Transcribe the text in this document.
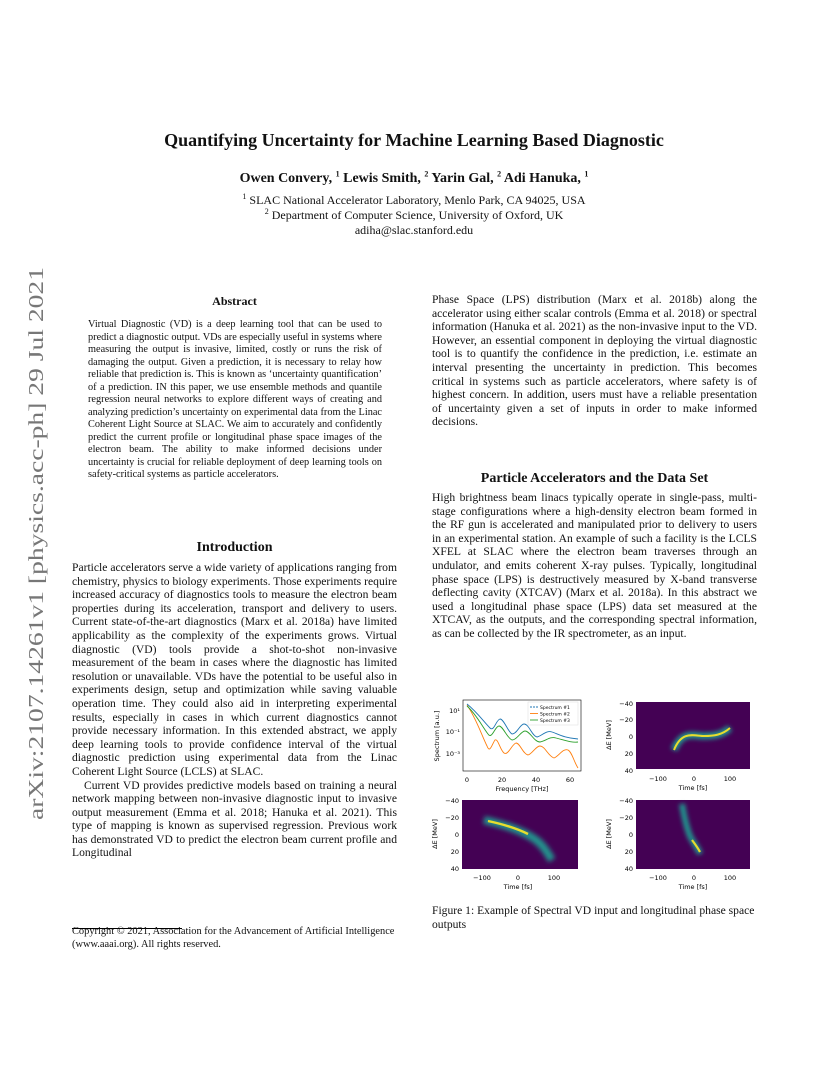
arXiv:2107.14261v1 [physics.acc-ph] 29 Jul 2021
Quantifying Uncertainty for Machine Learning Based Diagnostic
Owen Convery, $^1$ Lewis Smith, $^2$ Yarin Gal, $^2$ Adi Hanuka, $^1$
$^1$ SLAC National Accelerator Laboratory, Menlo Park, CA 94025, USA
$^2$ Department of Computer Science, University of Oxford, UK
adiha@slac.stanford.edu
Abstract
Virtual Diagnostic (VD) is a deep learning tool that can be used to predict a diagnostic output. VDs are especially useful in systems where measuring the output is invasive, limited, costly or runs the risk of damaging the output. Given a prediction, it is necessary to relay how reliable that prediction is. This is known as ‘uncertainty quantification’ of a prediction. IN this paper, we use ensemble methods and quantile regression neural networks to explore different ways of creating and analyzing prediction’s uncertainty on experimental data from the Linac Coherent Light Source at SLAC. We aim to accurately and confidently predict the current profile or longitudinal phase space images of the electron beam. The ability to make informed decisions under uncertainty is crucial for reliable deployment of deep learning tools on safety-critical systems as particle accelerators.
Introduction

Particle accelerators serve a wide variety of applications ranging from chemistry, physics to biology experiments. Those experiments require increased accuracy of diagnostics tools to measure the electron beam properties during its acceleration, transport and delivery to users. Current state-of-the-art diagnostics (Marx et al. 2018a) have limited applicability as the complexity of the experiments grows. Virtual diagnostic (VD) tools provide a shot-to-shot non-invasive measurement of the beam in cases where the diagnostic has limited resolution or unavailable. VDs have the potential to be useful also in experiments design, setup and optimization while saving valuable operation time. They could also aid in interpreting experimental results, especially in cases in which current diagnostics cannot provide necessary information. In this extended abstract, we apply deep learning tools to provide confidence interval of the virtual diagnostic prediction using experimental data from the Linac Coherent Light Source (LCLS) at SLAC.

Current VD provides predictive models based on training a neural network mapping between non-invasive diagnostic input to invasive output measurement (Emma et al. 2018; Hanuka et al. 2021). This type of mapping is known as supervised regression. Previous work has demonstrated VD to predict the electron beam current profile and Longitudinal

Copyright © 2021, Association for the Advancement of Artificial Intelligence (www.aaai.org). All rights reserved.

Phase Space (LPS) distribution (Marx et al. 2018b) along the accelerator using either scalar controls (Emma et al. 2018) or spectral information (Hanuka et al. 2021) as the non-invasive input to the VD. However, an essential component in deploying the virtual diagnostic tool is to quantify the confidence in the prediction, i.e. estimate an interval presenting the uncertainty in prediction. This becomes critical in systems such as particle accelerators, where safety is of highest concern. In addition, users must have a reliable presentation of uncertainty given a set of inputs in order to make informed decisions.

Particle Accelerators and the Data Set

High brightness beam linacs typically operate in single-pass, multi-stage configurations where a high-density electron beam formed in the RF gun is accelerated and manipulated prior to delivery to users in an experimental station. An example of such a facility is the LCLS XFEL at SLAC where the electron beam traverses through an undulator, and emits coherent X-ray pulses. Typically, longitudinal phase space (LPS) is destructively measured by X-band transverse deflecting cavity (XTCAV) (Marx et al. 2018a). In this abstract we used a longitudinal phase space (LPS) data set measured at the XTCAV, as the outputs, and the corresponding spectral information, as can be collected by the IR spectrometer, as an input.

Spectrum [a.u.] 10¹
10⁻¹
10⁻³
0	20	40	60
Frequency [THz]
Spectrum #1
Spectrum #2
Spectrum #3	ΔE [MeV]
−40
−20
0
20
40
−100	0	100
Time [fs]
ΔE [MeV]
−40
−20
0
20
40
−100	0	100
Time [fs]
ΔE [MeV]
−40
−20
0
20
40
−100	0	100
Time [fs]
Figure 1: Example of Spectral VD input and longitudinal phase space outputs
